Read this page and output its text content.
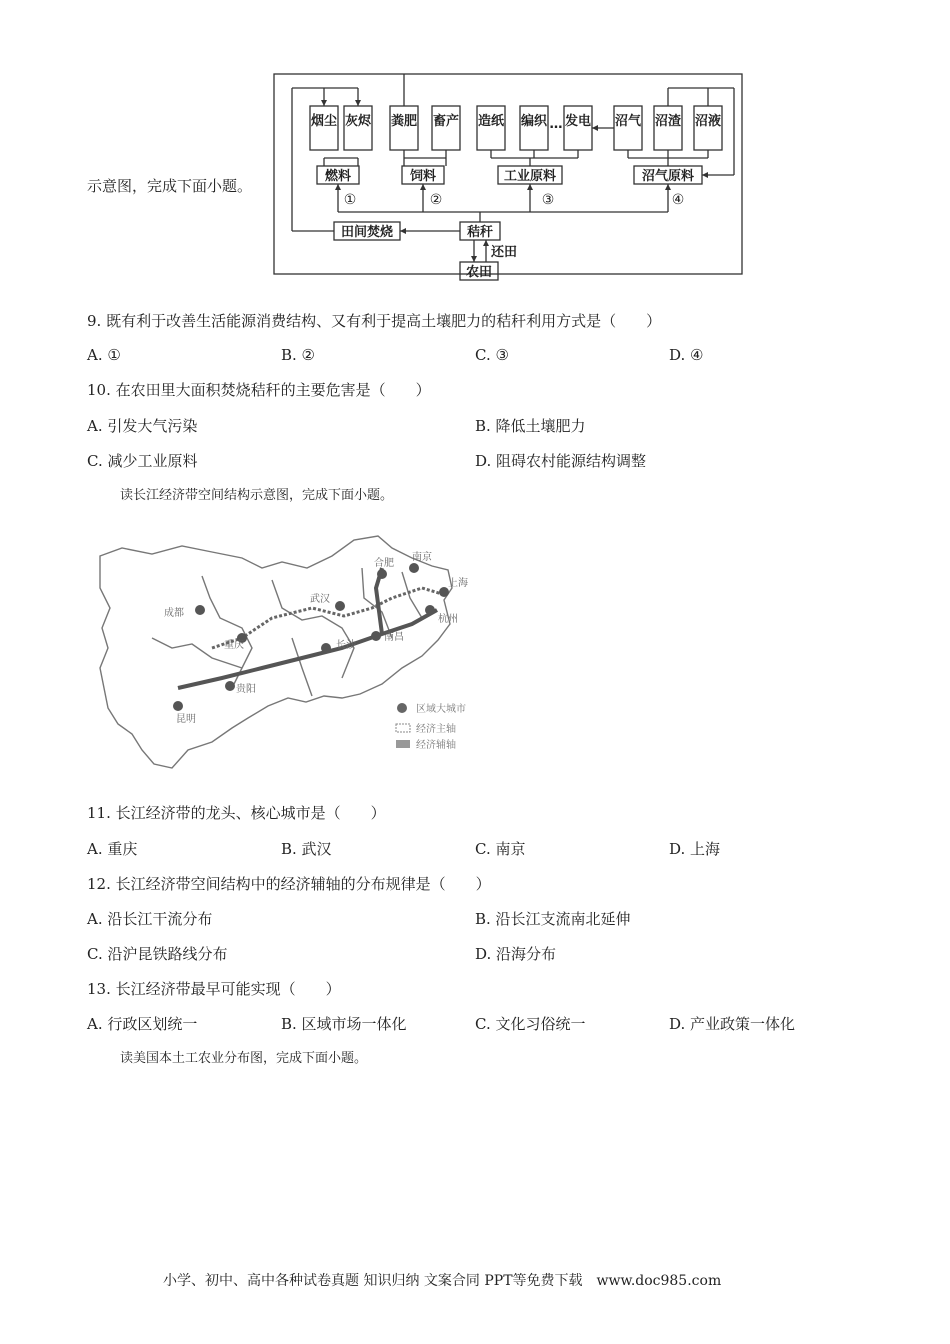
示意图，完成下面小题。
烟尘 灰烬 粪肥 畜产 造纸 编织 … 发电 沼气 沼渣 沼液
燃料	饲料	工业原料	沼气原料
田间焚烧	秸秆
农田
还田
①	②	③	④
9. 既有利于改善生活能源消费结构、又有利于提高土壤肥力的秸秆利用方式是（　　）
A. ①	B. ②	C. ③	D. ④
10. 在农田里大面积焚烧秸秆的主要危害是（　　）
A. 引发大气污染	B. 降低土壤肥力
C. 减少工业原料	D. 阻碍农村能源结构调整
读长江经济带空间结构示意图，完成下面小题。
成都
重庆
贵阳
昆明
武汉
长沙
南昌
合肥
南京
上海
杭州
区域大城市
经济主轴
经济辅轴
11. 长江经济带的龙头、核心城市是（　　）
A. 重庆	B. 武汉	C. 南京	D. 上海
12. 长江经济带空间结构中的经济辅轴的分布规律是（　　）
A. 沿长江干流分布	B. 沿长江支流南北延伸
C. 沿沪昆铁路线分布	D. 沿海分布
13. 长江经济带最早可能实现（　　）
A. 行政区划统一	B. 区域市场一体化	C. 文化习俗统一	D. 产业政策一体化
读美国本土工农业分布图，完成下面小题。
小学、初中、高中各种试卷真题 知识归纳 文案合同 PPT等免费下载　www.doc985.com
